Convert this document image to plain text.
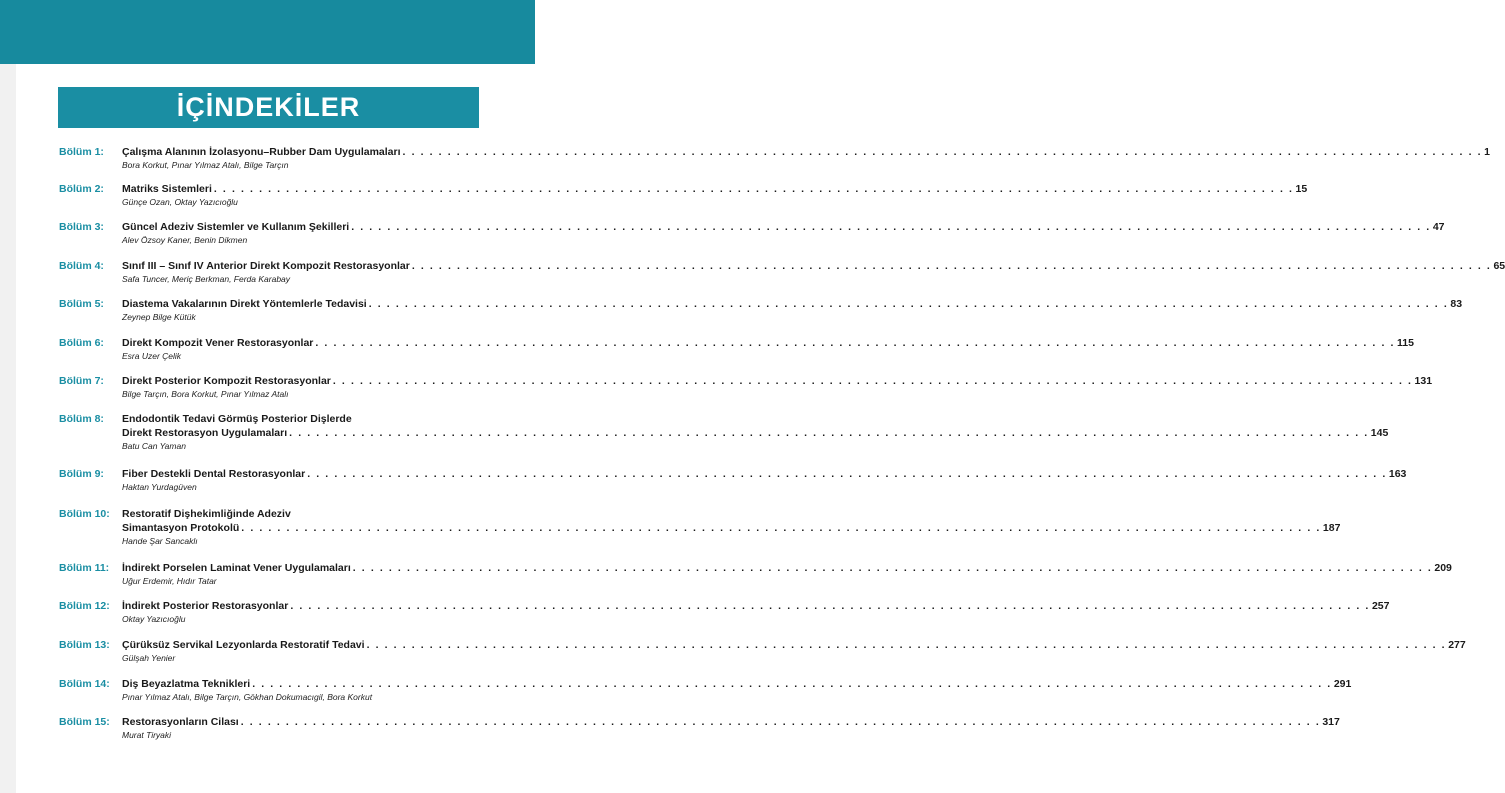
İÇİNDEKİLER
Bölüm 1: Çalışma Alanının İzolasyonu–Rubber Dam Uygulamaları . . . . . . . . . . . . . . . . . . . . . . . . . . . . . . . . . . . . . . . . . . . . . . . . . . . . . . . . . . . . . . . . . . . . . . . . . . . . . . . . . . . . . . . . . . . . . . . . . . . . . . . . . . . . . . . . . . . . . . . . 1
Bora Korkut, Pınar Yılmaz Atalı, Bilge Tarçın
Bölüm 2: Matriks Sistemleri . . . . . . . . . . . . . . . . . . . . . . . . . . . . . . . . . . . . . . . . . . . . . . . . . . . . . . . . . . . . . . . . . . . . . . . . . . . . . . . . . . . . . . . . . . . . . . . . . . . . . . . . . . . . . . . . . . . . . . . . 15
Günçe Ozan, Oktay Yazıcıoğlu
Bölüm 3: Güncel Adeziv Sistemler ve Kullanım Şekilleri . . . . . . . . . . . . . . . . . . . . . . . . . . . . . . . . . . . . . . . . . . . . . . . . . . . . . . . . . . . . . . . . . . . . . . . . . . . . . . . . . . . . . . . . . . . . . . . . . . . . . . . . . . . . . . . . . . . . . . . . 47
Alev Özsoy Kaner, Benin Dikmen
Bölüm 4: Sınıf III – Sınıf IV Anterior Direkt Kompozit Restorasyonlar . . . . . . . . . . . . . . . . . . . . . . . . . . . . . . . . . . . . . . . . . . . . . . . . . . . . . . . . . . . . . . . . . . . . . . . . . . . . . . . . . . . . . . . . . . . . . . . . . . . . . . . . . . . . . . . . . . . . . . . . 65
Safa Tuncer, Meriç Berkman, Ferda Karabay
Bölüm 5: Diastema Vakalarının Direkt Yöntemlerle Tedavisi . . . . . . . . . . . . . . . . . . . . . . . . . . . . . . . . . . . . . . . . . . . . . . . . . . . . . . . . . . . . . . . . . . . . . . . . . . . . . . . . . . . . . . . . . . . . . . . . . . . . . . . . . . . . . . . . . . . . . . . . 83
Zeynep Bilge Kütük
Bölüm 6: Direkt Kompozit Vener Restorasyonlar . . . . . . . . . . . . . . . . . . . . . . . . . . . . . . . . . . . . . . . . . . . . . . . . . . . . . . . . . . . . . . . . . . . . . . . . . . . . . . . . . . . . . . . . . . . . . . . . . . . . . . . . . . . . . . . . . . . . . . . . 115
Esra Uzer Çelik
Bölüm 7: Direkt Posterior Kompozit Restorasyonlar . . . . . . . . . . . . . . . . . . . . . . . . . . . . . . . . . . . . . . . . . . . . . . . . . . . . . . . . . . . . . . . . . . . . . . . . . . . . . . . . . . . . . . . . . . . . . . . . . . . . . . . . . . . . . . . . . . . . . . . . 131
Bilge Tarçın, Bora Korkut, Pınar Yılmaz Atalı
Bölüm 8: Endodontik Tedavi Görmüş Posterior Dişlerde
Direkt Restorasyon Uygulamaları . . . . . . . . . . . . . . . . . . . . . . . . . . . . . . . . . . . . . . . . . . . . . . . . . . . . . . . . . . . . . . . . . . . . . . . . . . . . . . . . . . . . . . . . . . . . . . . . . . . . . . . . . . . . . . . . . . . . . . . . 145
Batu Can Yaman
Bölüm 9: Fiber Destekli Dental Restorasyonlar . . . . . . . . . . . . . . . . . . . . . . . . . . . . . . . . . . . . . . . . . . . . . . . . . . . . . . . . . . . . . . . . . . . . . . . . . . . . . . . . . . . . . . . . . . . . . . . . . . . . . . . . . . . . . . . . . . . . . . . . 163
Haktan Yurdagüven
Bölüm 10: Restoratif Dişhekimliğinde Adeziv
Simantasyon Protokolü . . . . . . . . . . . . . . . . . . . . . . . . . . . . . . . . . . . . . . . . . . . . . . . . . . . . . . . . . . . . . . . . . . . . . . . . . . . . . . . . . . . . . . . . . . . . . . . . . . . . . . . . . . . . . . . . . . . . . . . . 187
Hande Şar Sancaklı
Bölüm 11: İndirekt Porselen Laminat Vener Uygulamaları . . . . . . . . . . . . . . . . . . . . . . . . . . . . . . . . . . . . . . . . . . . . . . . . . . . . . . . . . . . . . . . . . . . . . . . . . . . . . . . . . . . . . . . . . . . . . . . . . . . . . . . . . . . . . . . . . . . . . . . . 209
Uğur Erdemir, Hıdır Tatar
Bölüm 12: İndirekt Posterior Restorasyonlar . . . . . . . . . . . . . . . . . . . . . . . . . . . . . . . . . . . . . . . . . . . . . . . . . . . . . . . . . . . . . . . . . . . . . . . . . . . . . . . . . . . . . . . . . . . . . . . . . . . . . . . . . . . . . . . . . . . . . . . . 257
Oktay Yazıcıoğlu
Bölüm 13: Çürüksüz Servikal Lezyonlarda Restoratif Tedavi . . . . . . . . . . . . . . . . . . . . . . . . . . . . . . . . . . . . . . . . . . . . . . . . . . . . . . . . . . . . . . . . . . . . . . . . . . . . . . . . . . . . . . . . . . . . . . . . . . . . . . . . . . . . . . . . . . . . . . . . 277
Gülşah Yenier
Bölüm 14: Diş Beyazlatma Teknikleri . . . . . . . . . . . . . . . . . . . . . . . . . . . . . . . . . . . . . . . . . . . . . . . . . . . . . . . . . . . . . . . . . . . . . . . . . . . . . . . . . . . . . . . . . . . . . . . . . . . . . . . . . . . . . . . . . . . . . . . . 291
Pınar Yılmaz Atalı, Bilge Tarçın, Gökhan Dokumacıgil, Bora Korkut
Bölüm 15: Restorasyonların Cilası . . . . . . . . . . . . . . . . . . . . . . . . . . . . . . . . . . . . . . . . . . . . . . . . . . . . . . . . . . . . . . . . . . . . . . . . . . . . . . . . . . . . . . . . . . . . . . . . . . . . . . . . . . . . . . . . . . . . . . . . 317
Murat Tiryaki
